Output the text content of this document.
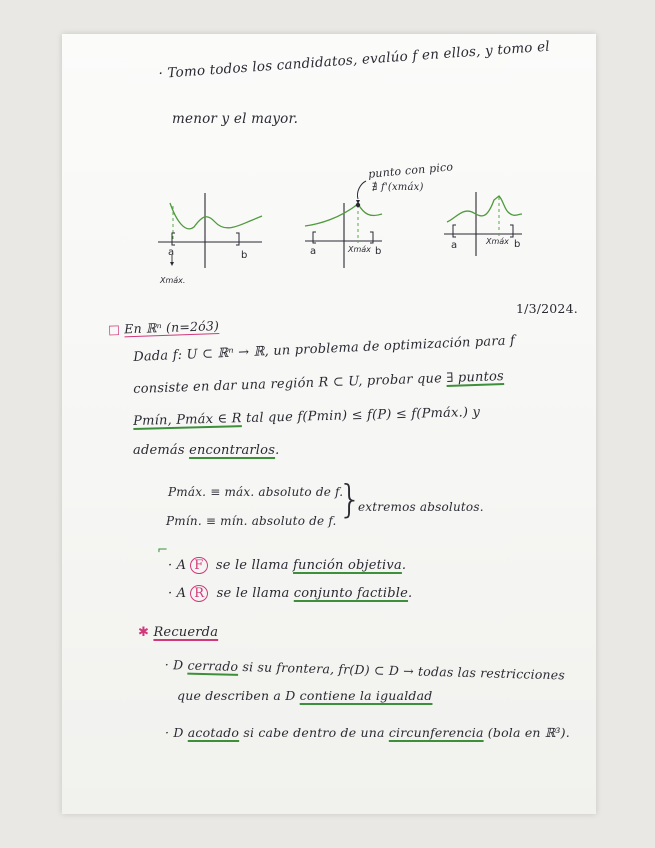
· Tomo todos los candidatos, evalúo f en ellos, y tomo el
menor y el mayor.
punto con pico
∄ f'(xmáx)
a	b
Xmáx.
a	Xmáx b
a	Xmáx b
1/3/2024.
□ En ℝⁿ (n=2ó3)
Dada f: U ⊂ ℝⁿ → ℝ, un problema de optimización para f
consiste en dar una región R ⊂ U, probar que ∃ puntos
Pmín, Pmáx ∈ R tal que f(Pmin) ≤ f(P) ≤ f(Pmáx.) y
además encontrarlos.
Pmáx. ≡ máx. absoluto de f.
Pmín. ≡ mín. absoluto de f. }
extremos absolutos.
⌐
· A F se le llama función objetiva.
· A R se le llama conjunto factible.
✱ Recuerda
· D cerrado si su frontera, fr(D) ⊂ D → todas las restricciones
que describen a D contiene la igualdad
· D acotado si cabe dentro de una circunferencia (bola en ℝ³).
